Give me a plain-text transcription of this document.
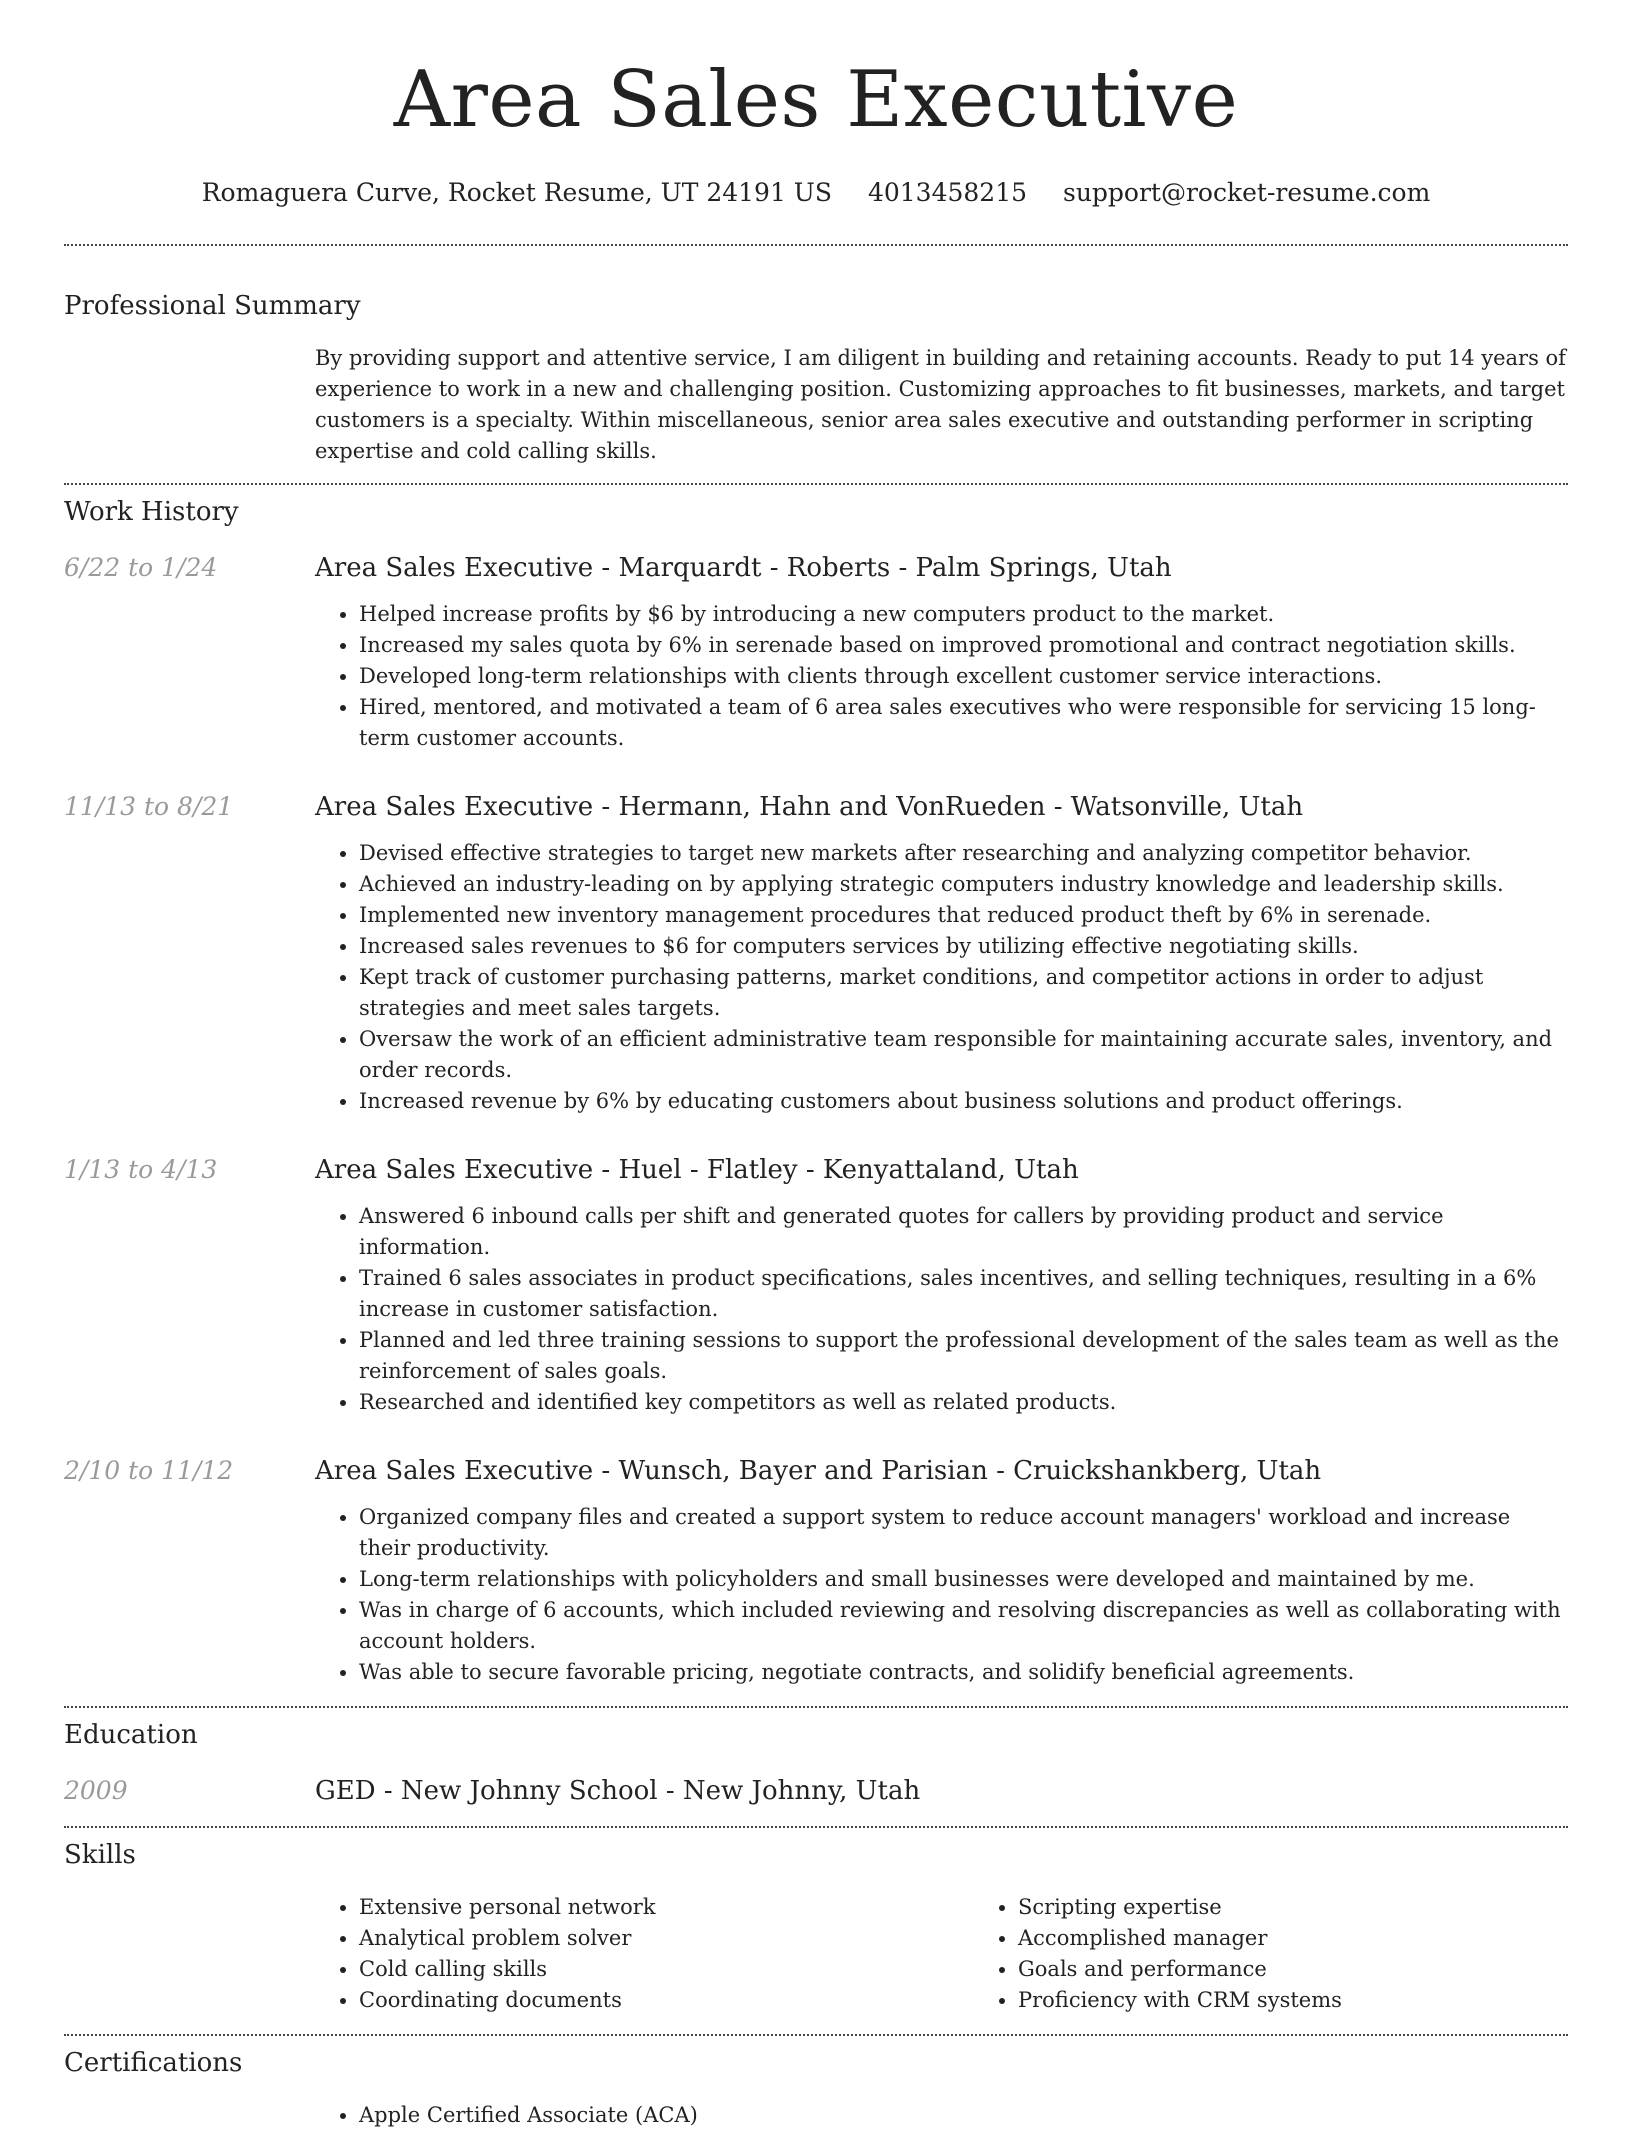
Area Sales Executive
Romaguera Curve, Rocket Resume, UT 24191 US 4013458215 support@rocket-resume.com
Professional Summary
By providing support and attentive service, I am diligent in building and retaining accounts. Ready to put 14 years of experience to work in a new and challenging position. Customizing approaches to fit businesses, markets, and target customers is a specialty. Within miscellaneous, senior area sales executive and outstanding performer in scripting expertise and cold calling skills.
Work History
6/22 to 1/24	Area Sales Executive - Marquardt - Roberts - Palm Springs, Utah
• Helped increase profits by $6 by introducing a new computers product to the market.
• Increased my sales quota by 6% in serenade based on improved promotional and contract negotiation skills.
• Developed long-term relationships with clients through excellent customer service interactions.
• Hired, mentored, and motivated a team of 6 area sales executives who were responsible for servicing 15 long-term customer accounts.
11/13 to 8/21	Area Sales Executive - Hermann, Hahn and VonRueden - Watsonville, Utah
• Devised effective strategies to target new markets after researching and analyzing competitor behavior.
• Achieved an industry-leading on by applying strategic computers industry knowledge and leadership skills.
• Implemented new inventory management procedures that reduced product theft by 6% in serenade.
• Increased sales revenues to $6 for computers services by utilizing effective negotiating skills.
• Kept track of customer purchasing patterns, market conditions, and competitor actions in order to adjust strategies and meet sales targets.
• Oversaw the work of an efficient administrative team responsible for maintaining accurate sales, inventory, and order records.
• Increased revenue by 6% by educating customers about business solutions and product offerings.
1/13 to 4/13	Area Sales Executive - Huel - Flatley - Kenyattaland, Utah
• Answered 6 inbound calls per shift and generated quotes for callers by providing product and service information.
• Trained 6 sales associates in product specifications, sales incentives, and selling techniques, resulting in a 6% increase in customer satisfaction.
• Planned and led three training sessions to support the professional development of the sales team as well as the reinforcement of sales goals.
• Researched and identified key competitors as well as related products.
2/10 to 11/12	Area Sales Executive - Wunsch, Bayer and Parisian - Cruickshankberg, Utah
• Organized company files and created a support system to reduce account managers' workload and increase their productivity.
• Long-term relationships with policyholders and small businesses were developed and maintained by me.
• Was in charge of 6 accounts, which included reviewing and resolving discrepancies as well as collaborating with account holders.
• Was able to secure favorable pricing, negotiate contracts, and solidify beneficial agreements.
Education
2009	GED - New Johnny School - New Johnny, Utah
Skills
• Extensive personal network
• Analytical problem solver
• Cold calling skills
• Coordinating documents
• Scripting expertise
• Accomplished manager
• Goals and performance
• Proficiency with CRM systems
Certifications
• Apple Certified Associate (ACA)
